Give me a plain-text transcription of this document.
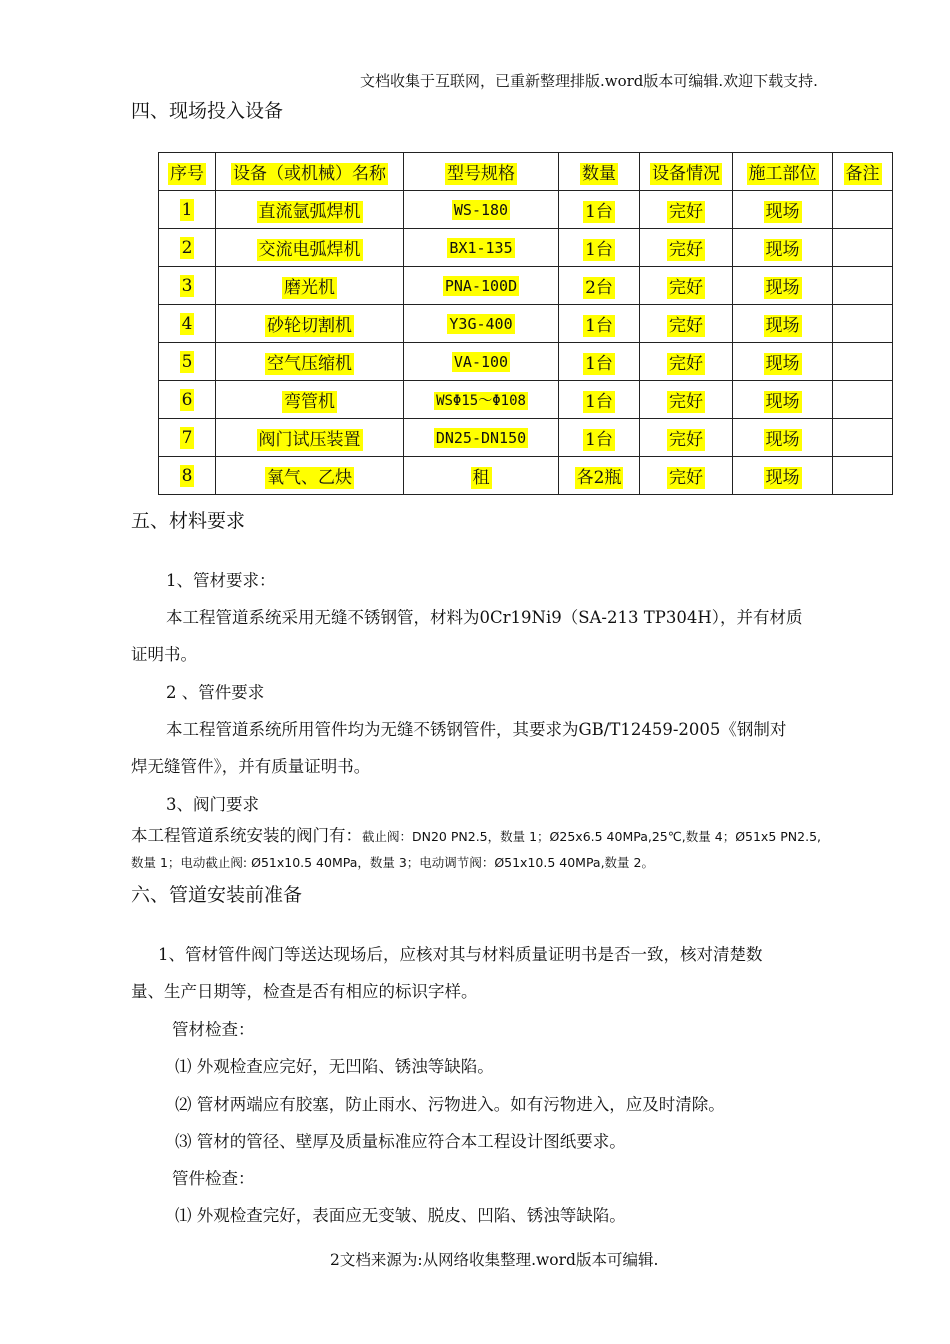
文档收集于互联网，已重新整理排版.word版本可编辑.欢迎下载支持.
四、现场投入设备
序号	设备（或机械）名称	型号规格	数量	设备情况	施工部位	备注
1	直流氩弧焊机	WS-180	1台	完好	现场	
2	交流电弧焊机	BX1-135	1台	完好	现场	
3	磨光机	PNA-100D	2台	完好	现场	
4	砂轮切割机	Y3G-400	1台	完好	现场	
5	空气压缩机	VA-100	1台	完好	现场	
6	弯管机	WSΦ15～Φ108	1台	完好	现场	
7	阀门试压装置	DN25-DN150	1台	完好	现场	
8	氧气、乙炔	租	各2瓶	完好	现场	
五、材料要求
1、管材要求：
本工程管道系统采用无缝不锈钢管，材料为0Cr19Ni9（SA-213 TP304H），并有材质
证明书。
2 、管件要求
本工程管道系统所用管件均为无缝不锈钢管件，其要求为GB/T12459-2005《钢制对
焊无缝管件》，并有质量证明书。
3、阀门要求
本工程管道系统安装的阀门有：截止阀：DN20 PN2.5，数量 1；Ø25x6.5 40MPa,25℃,数量 4；Ø51x5 PN2.5,
数量 1；电动截止阀: Ø51x10.5 40MPa，数量 3；电动调节阀：Ø51x10.5 40MPa,数量 2。
六、管道安装前准备
1、管材管件阀门等送达现场后，应核对其与材料质量证明书是否一致，核对清楚数
量、生产日期等，检查是否有相应的标识字样。
管材检查：
⑴ 外观检查应完好，无凹陷、锈浊等缺陷。
⑵ 管材两端应有胶塞，防止雨水、污物进入。如有污物进入，应及时清除。
⑶ 管材的管径、壁厚及质量标准应符合本工程设计图纸要求。
管件检查：
⑴ 外观检查完好，表面应无变皱、脱皮、凹陷、锈浊等缺陷。
2文档来源为:从网络收集整理.word版本可编辑.
